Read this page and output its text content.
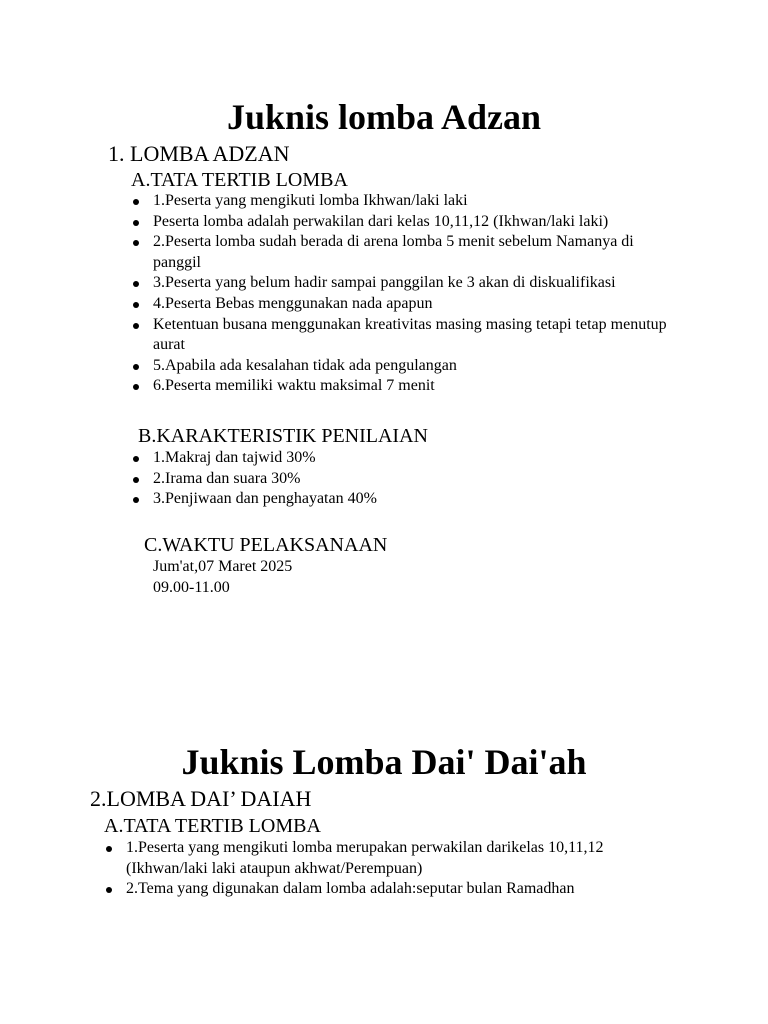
Juknis lomba Adzan
1. LOMBA ADZAN
A.TATA TERTIB LOMBA
1.Peserta yang mengikuti lomba Ikhwan/laki laki
Peserta lomba adalah perwakilan dari kelas 10,11,12 (Ikhwan/laki laki)
2.Peserta lomba sudah berada di arena lomba 5 menit sebelum Namanya di panggil
3.Peserta yang belum hadir sampai panggilan ke 3 akan di diskualifikasi
4.Peserta Bebas menggunakan nada apapun
Ketentuan busana menggunakan kreativitas masing masing tetapi tetap menutup aurat
5.Apabila ada kesalahan tidak ada pengulangan
6.Peserta memiliki waktu maksimal 7 menit
B.KARAKTERISTIK PENILAIAN
1.Makraj dan tajwid 30%
2.Irama dan suara 30%
3.Penjiwaan dan penghayatan 40%
C.WAKTU PELAKSANAAN

Jum'at,07 Maret 2025

09.00-11.00

Juknis Lomba Dai' Dai'ah
2.LOMBA DAI’ DAIAH
A.TATA TERTIB LOMBA
1.Peserta yang mengikuti lomba merupakan perwakilan darikelas 10,11,12 (Ikhwan/laki laki ataupun akhwat/Perempuan)
2.Tema yang digunakan dalam lomba adalah:seputar bulan Ramadhan
